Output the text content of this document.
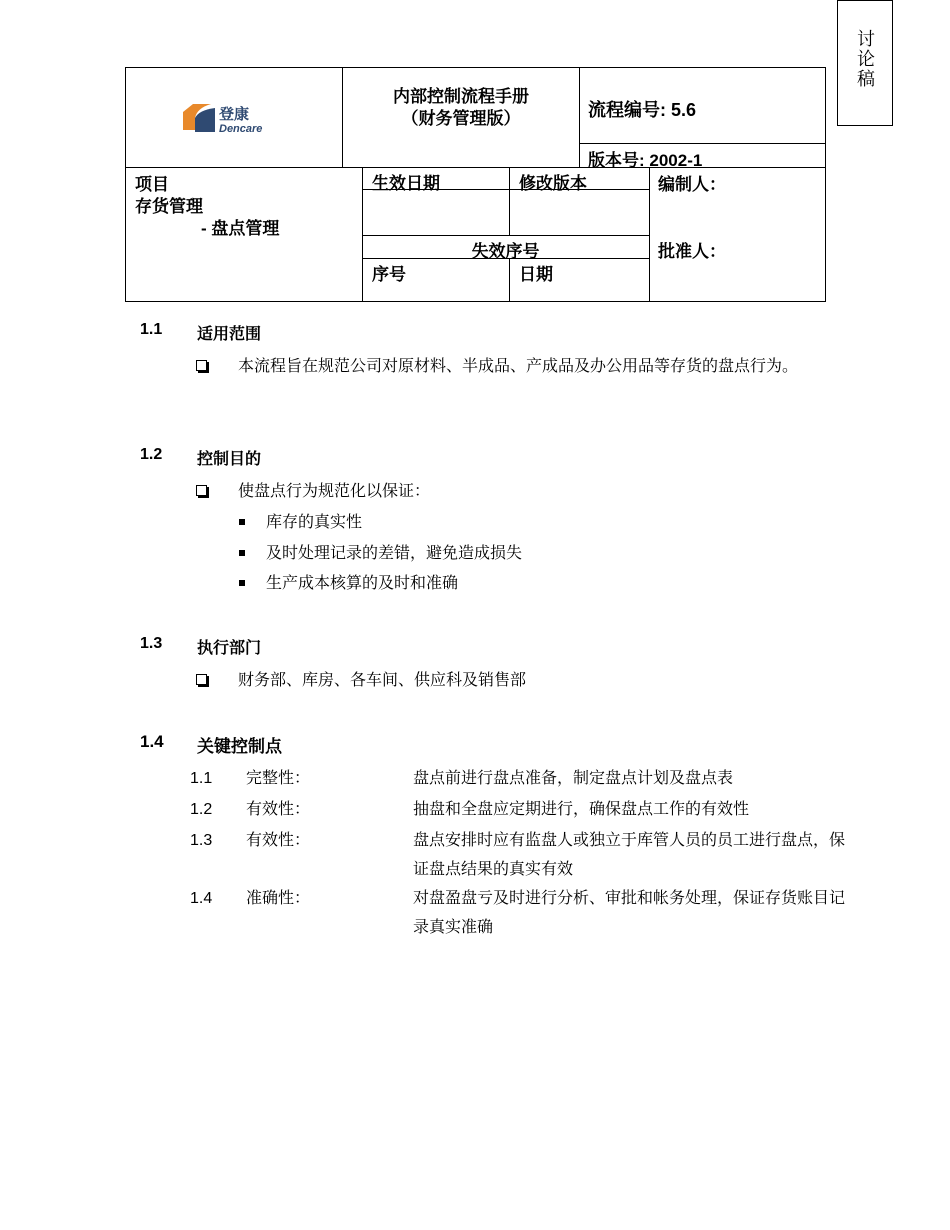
讨论稿
登康
Dencare
内部控制流程手册
（财务管理版）	流程编号: 5.6
版本号: 2002-1
项目
存货管理
- 盘点管理
生效日期	修改版本
失效序号
序号	日期
编制人：
批准人：
1.1 适用范围
本流程旨在规范公司对原材料、半成品、产成品及办公用品等存货的盘点行为。
1.2 控制目的
使盘点行为规范化以保证：
库存的真实性
及时处理记录的差错，避免造成损失
生产成本核算的及时和准确
1.3 执行部门
财务部、库房、各车间、供应科及销售部
1.4 关键控制点
1.1 完整性：	盘点前进行盘点准备，制定盘点计划及盘点表
1.2 有效性：	抽盘和全盘应定期进行，确保盘点工作的有效性
1.3 有效性：	盘点安排时应有监盘人或独立于库管人员的员工进行盘点，保证盘点结果的真实有效
1.4 准确性：	对盘盈盘亏及时进行分析、审批和帐务处理，保证存货账目记录真实准确
